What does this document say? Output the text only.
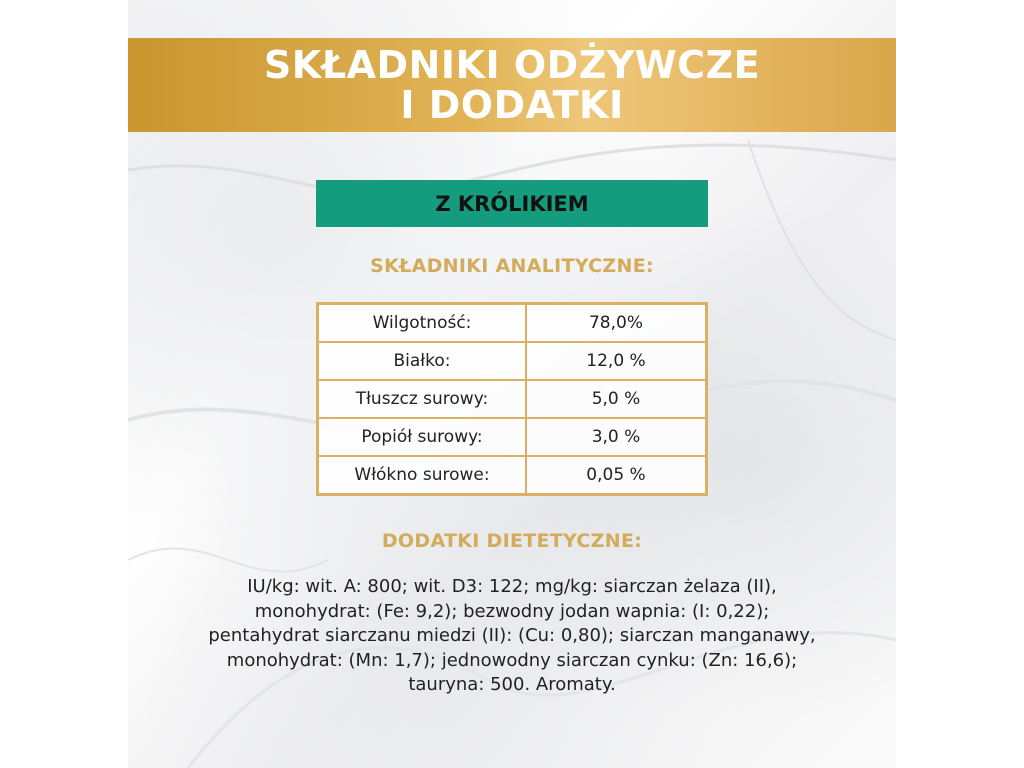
SKŁADNIKI ODŻYWCZE
I DODATKI
Z KRÓLIKIEM
SKŁADNIKI ANALITYCZNE:
Wilgotność:	78,0%
Białko:	12,0 %
Tłuszcz surowy:	5,0 %
Popiół surowy:	3,0 %
Włókno surowe:	0,05 %
DODATKI DIETETYCZNE:
IU/kg: wit. A: 800; wit. D3: 122; mg/kg: siarczan żelaza (II), monohydrat: (Fe: 9,2); bezwodny jodan wapnia: (I: 0,22); pentahydrat siarczanu miedzi (II): (Cu: 0,80); siarczan manganawy, monohydrat: (Mn: 1,7); jednowodny siarczan cynku: (Zn: 16,6); tauryna: 500. Aromaty.
